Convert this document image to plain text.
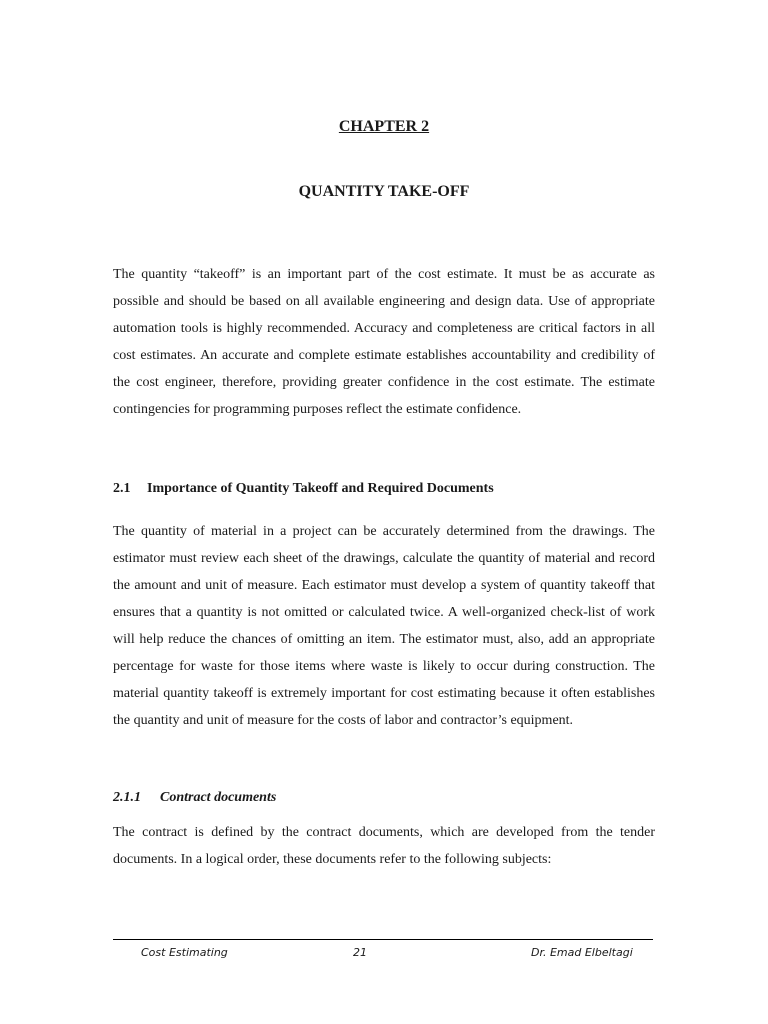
CHAPTER 2
QUANTITY TAKE-OFF

The quantity “takeoff” is an important part of the cost estimate. It must be as accurate as possible and should be based on all available engineering and design data. Use of appropriate automation tools is highly recommended. Accuracy and completeness are critical factors in all cost estimates. An accurate and complete estimate establishes accountability and credibility of the cost engineer, therefore, providing greater confidence in the cost estimate. The estimate contingencies for programming purposes reflect the estimate confidence.

2.1 Importance of Quantity Takeoff and Required Documents

The quantity of material in a project can be accurately determined from the drawings. The estimator must review each sheet of the drawings, calculate the quantity of material and record the amount and unit of measure. Each estimator must develop a system of quantity takeoff that ensures that a quantity is not omitted or calculated twice. A well-organized check-list of work will help reduce the chances of omitting an item. The estimator must, also, add an appropriate percentage for waste for those items where waste is likely to occur during construction. The material quantity takeoff is extremely important for cost estimating because it often establishes the quantity and unit of measure for the costs of labor and contractor’s equipment.

2.1.1 Contract documents

The contract is defined by the contract documents, which are developed from the tender documents. In a logical order, these documents refer to the following subjects:

Cost Estimating	21	Dr. Emad Elbeltagi
